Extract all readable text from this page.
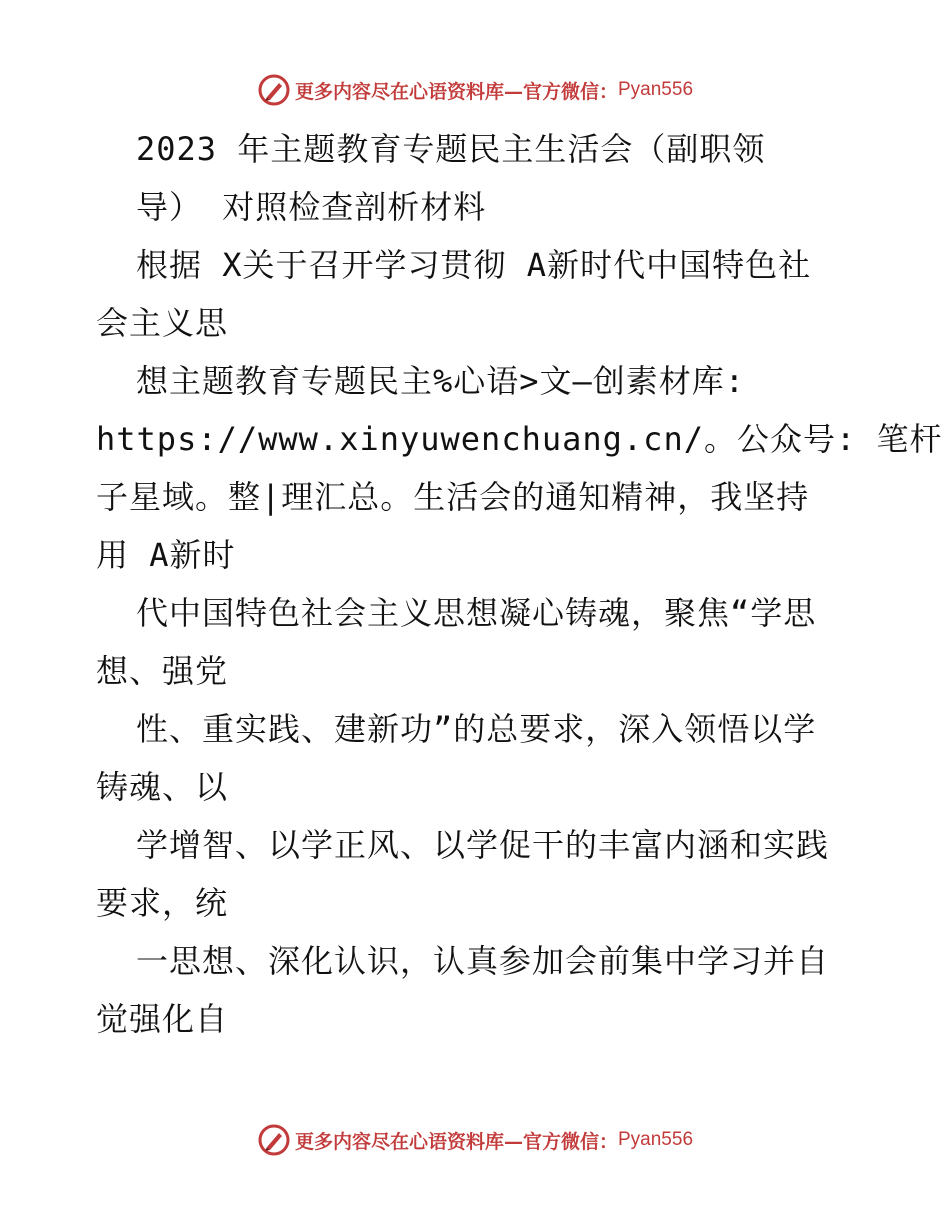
更多内容尽在心语资料库—官方微信： Pyan556
2023 年主题教育专题民主生活会（副职领
导） 对照检查剖析材料
根据 X关于召开学习贯彻 A新时代中国特色社
会主义思
想主题教育专题民主%心语>文—创素材库:
https://www.xinyuwenchuang.cn/。公众号: 笔杆
子星域。整|理汇总。生活会的通知精神，我坚持
用 A新时
代中国特色社会主义思想凝心铸魂，聚焦“学思
想、强党
性、重实践、建新功”的总要求，深入领悟以学
铸魂、以
学增智、以学正风、以学促干的丰富内涵和实践
要求，统
一思想、深化认识，认真参加会前集中学习并自
觉强化自
更多内容尽在心语资料库—官方微信： Pyan556
